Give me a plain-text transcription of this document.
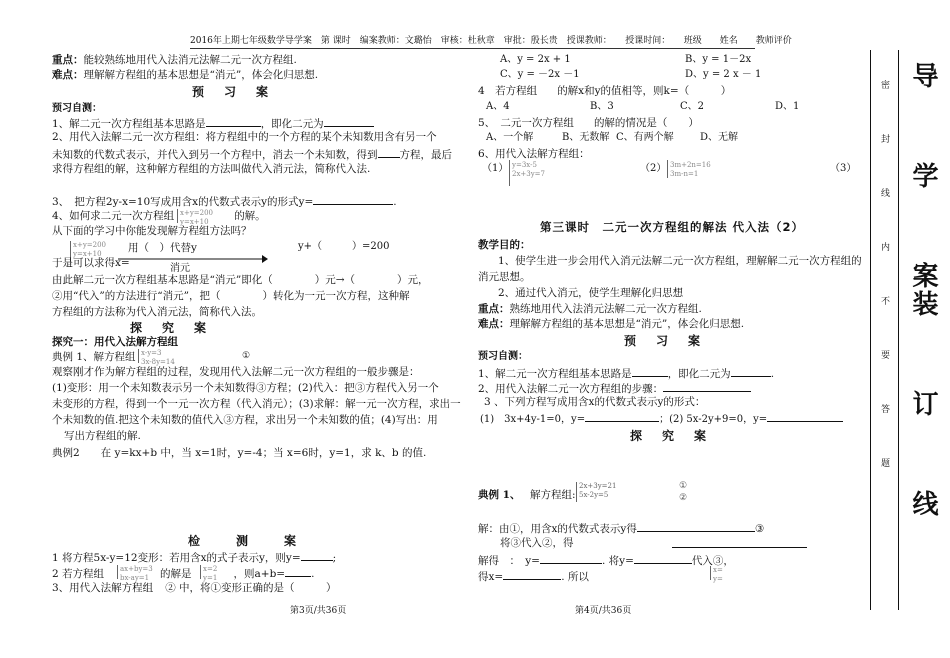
2016年上期七年级数学导学案　第 课时　编案教师：文璐怡　审核：杜秋章　审批：殷长贵　授课教师：　　授课时间：　　班级　　姓名　　教师评价
重点：能较熟练地用代入法消元法解二元一次方程组.
难点：理解解方程组的基本思想是“消元”，体会化归思想.
预　习　案
预习自测：
1、解二元一次方程组基本思路是	，即化二元为
2、用代入法解二元一次方程组：将方程组中的一个方程的某个未知数用含有另一个
未知数的代数式表示，并代入到另一个方程中，消去一个未知数，得到 方程，最后
求得方程组的解，这种解方程组的方法叫做代入消元法，简称代入法.
3、　把方程2y-x=10写成用含x的代数式表示y的形式y=	.
4、如何求二元一次方程组	的解。
x+y=200
y=x+10
从下面的学习中你能发现解方程组方法吗？
x+y=200
y=x+10	用（　）代替y	y+（　　　）=200
于是可以求得x=	消元
由此解二元一次方程组基本思路是“消元”即化（　　　　）元→（　　　　）元，
②用“代入”的方法进行“消元”，把（　　　　）转化为一元一次方程，这种解
方程组的方法称为代入消元法，简称代入法。
探　究　案
探究一：用代入法解方程组
典例 1、解方程组 x-y=3
3x-8y=14
①
观察刚才作为解方程组的过程，发现用代入法解二元一次方程组的一般步骤是：
(1)变形：用一个未知数表示另一个未知数得③方程；(2)代入：把③方程代入另一个
未变形的方程，得到一个一元一次方程（代入消元）；(3)求解：解一元一次方程，求出一
个未知数的值.把这个未知数的值代入③方程，求出另一个未知数的值；(4)写出：用
写出方程组的解.
典例2　　在 y=kx+b 中，当 x=1时，y=-4；当 x=6时，y=1，求 k、b 的值.
检　　测　　案
1 将方程5x-y=12变形：若用含x的式子表示y，则y=	;
2 若方程组	的解是	，则a+b= .
ax+by=3
bx-ay=1
x=2
y=1
3、用代入法解方程组 ② 中，将①变形正确的是（　　　）
第3页/共36页
A、y = 2x + 1	B、y = 1－2x
C、y = －2x －1	D、y = 2 x － 1
4　若方程组 的解x和y的值相等，则k=（　　　）
A、4	B、3	C、2	D、1
5、　二元一次方程组 的解的情况是（　　）
A、一个解	B、无数解 C、有两个解	D、无解
6、用代入法解方程组：
（1） y=3x-5
2x+3y=7	（2） 3m+2n=16
3m-n=1	（3）
第三课时　二元一次方程组的解法 代入法（2）
教学目的：
1、使学生进一步会用代入消元法解二元一次方程组，理解解二元一次方程组的
消元思想。
2、通过代入消元，使学生理解化归思想
重点：熟练地用代入法消元法解二元一次方程组.
难点：理解解方程组的基本思想是“消元”，体会化归思想.
预　习　案
预习自测：
1、解二元一次方程组基本思路是	，即化二元为	.
2、用代入法解二元一次方程组的步骤：
3 、下列方程写成用含x的代数式表示y的形式：
(1)　3x+4y-1=0，y=	；(2) 5x-2y+9=0，y=
探　究　案
典例 1、 解方程组:
2x+3y=21
5x-2y=5
①
②
解：由①，用含x的代数式表示y得	③
将③代入②，得
解得　：　y=	. 将y=	代入③，
得x=	. 所以
x=
y=
第4页/共36页
导　学　案
装　订　线
密　　封　　线　　内　　不　　要　　答　　题
